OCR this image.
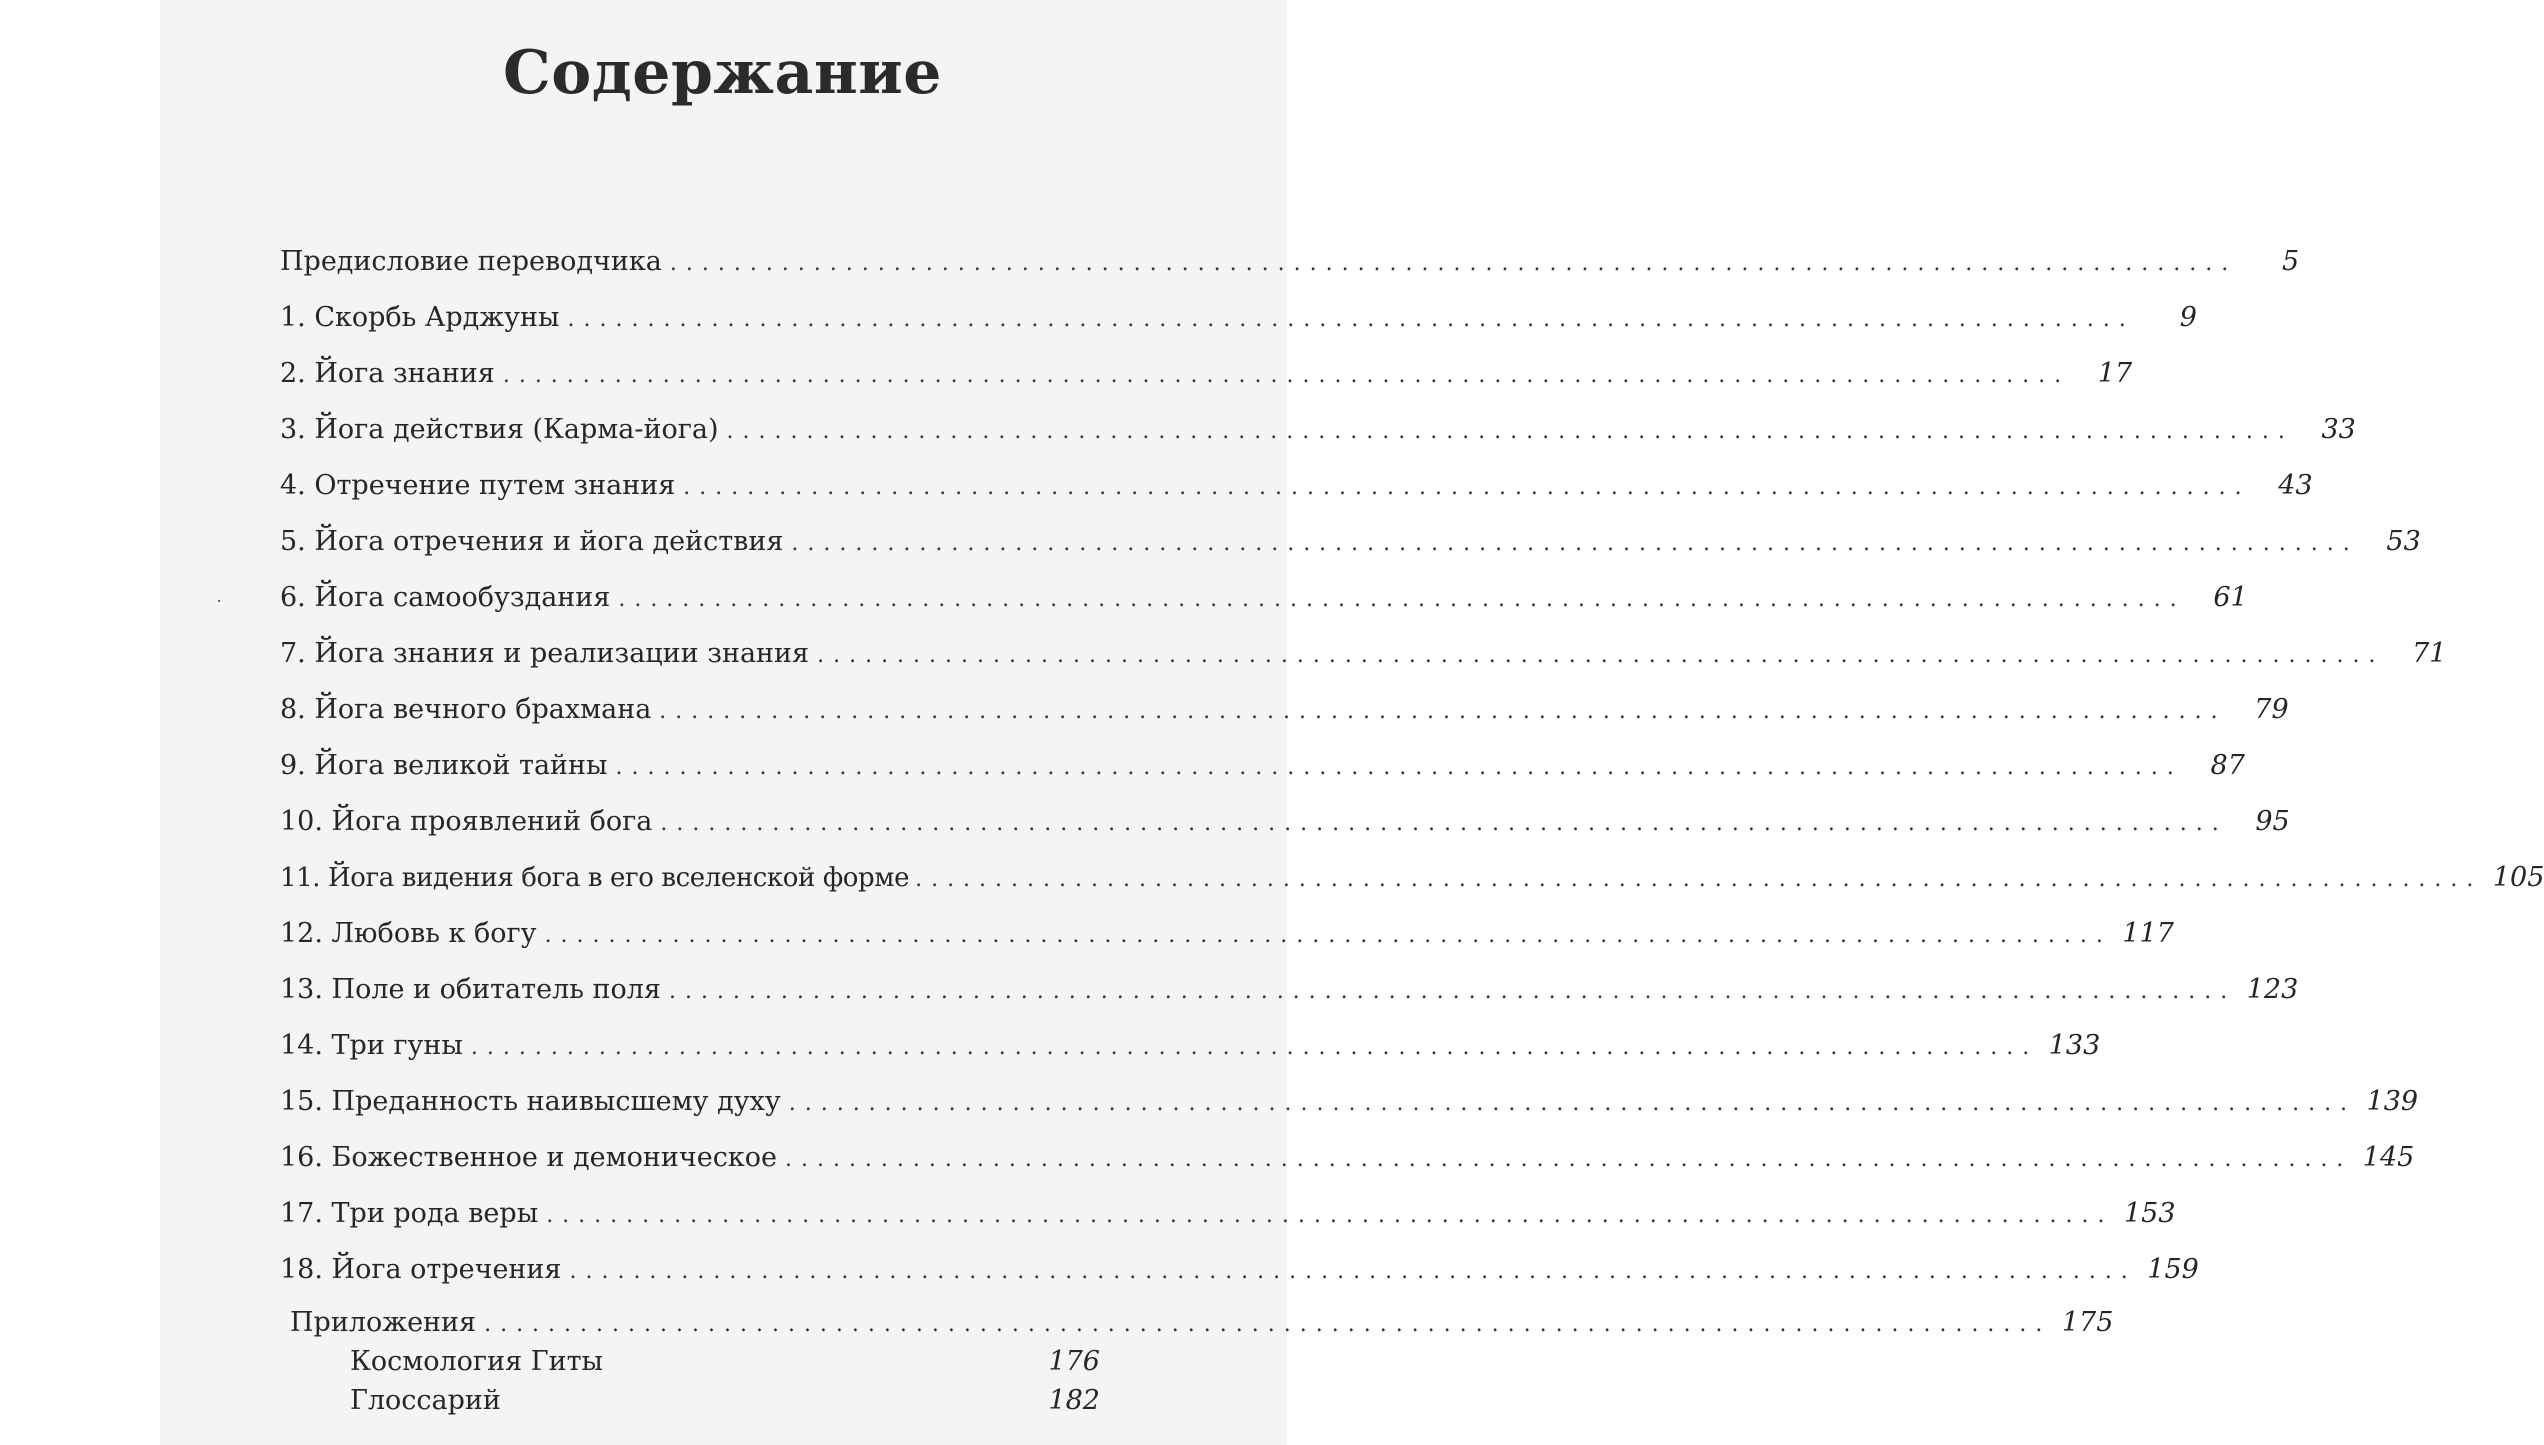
Содержание
Предисловие переводчика ..................................................................................................	5
1. Скорбь Арджуны ..................................................................................................	9
2. Йога знания ..................................................................................................	17
3. Йога действия (Карма-йога) ..................................................................................................	33
4. Отречение путем знания ..................................................................................................	43
5. Йога отречения и йога действия ..................................................................................................	53
6. Йога самообуздания ..................................................................................................	61
7. Йога знания и реализации знания ..................................................................................................	71
8. Йога вечного брахмана ..................................................................................................	79
9. Йога великой тайны ..................................................................................................	87
10. Йога проявлений бога ..................................................................................................	95
11. Йога видения бога в его вселенской форме .................................................................................................. 105
12. Любовь к богу .................................................................................................. 117
13. Поле и обитатель поля .................................................................................................. 123
14. Три гуны .................................................................................................. 133
15. Преданность наивысшему духу .................................................................................................. 139
16. Божественное и демоническое .................................................................................................. 145
17. Три рода веры .................................................................................................. 153
18. Йога отречения .................................................................................................. 159
Приложения .................................................................................................. 175
Космология Гиты	176
Глоссарий	182
